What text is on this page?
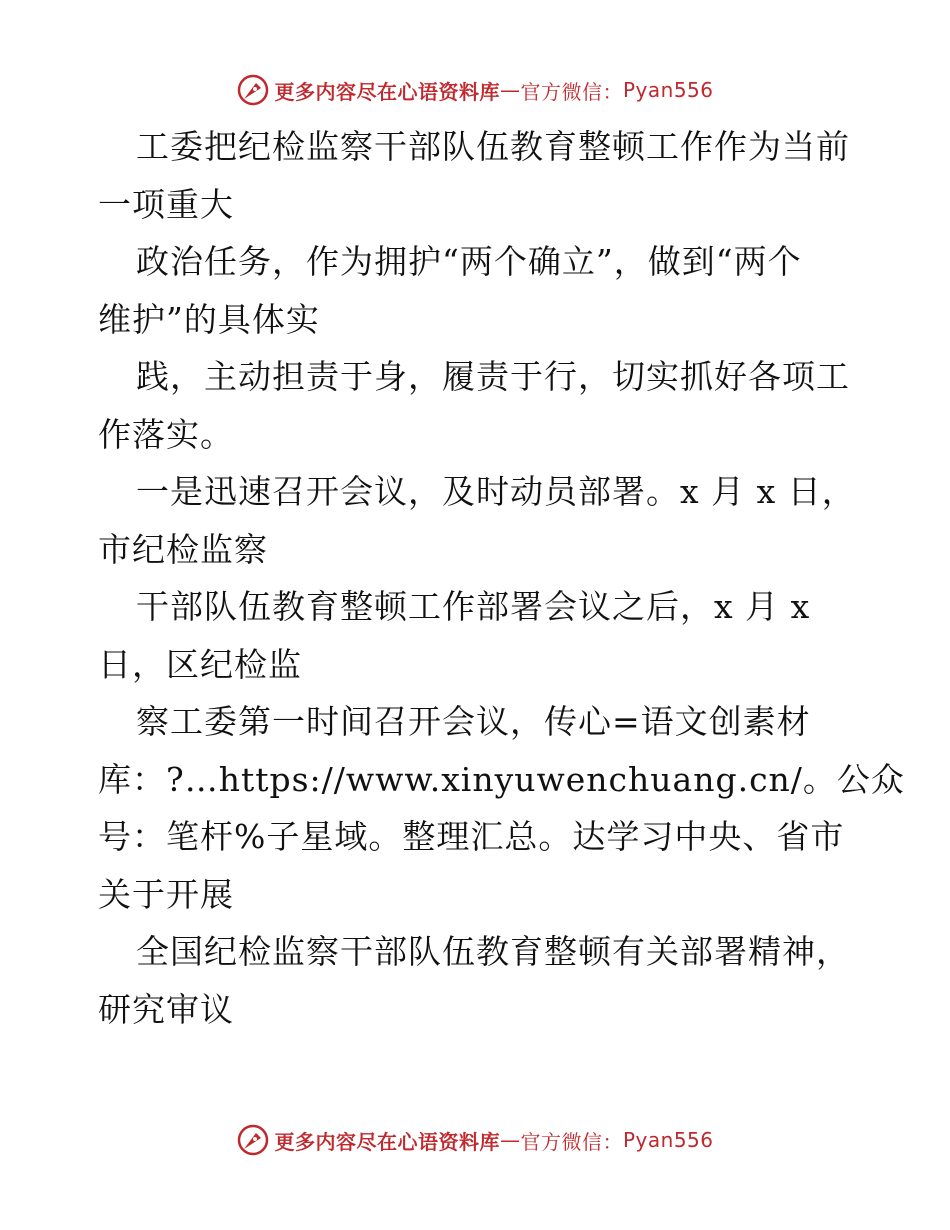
更多内容尽在心语资料库 — 官方微信： Pyan556
工委把纪检监察干部队伍教育整顿工作作为当前
一项重大
政治任务，作为拥护“两个确立”，做到“两个
维护”的具体实
践，主动担责于身，履责于行，切实抓好各项工
作落实。
一是迅速召开会议，及时动员部署。x 月 x 日，
市纪检监察
干部队伍教育整顿工作部署会议之后，x 月 x
日，区纪检监
察工委第一时间召开会议，传心=语文创素材
库：?…https://www.xinyuwenchuang.cn/。公众
号：笔杆%子星域。整理汇总。达学习中央、省市
关于开展
全国纪检监察干部队伍教育整顿有关部署精神，
研究审议
更多内容尽在心语资料库 — 官方微信： Pyan556
